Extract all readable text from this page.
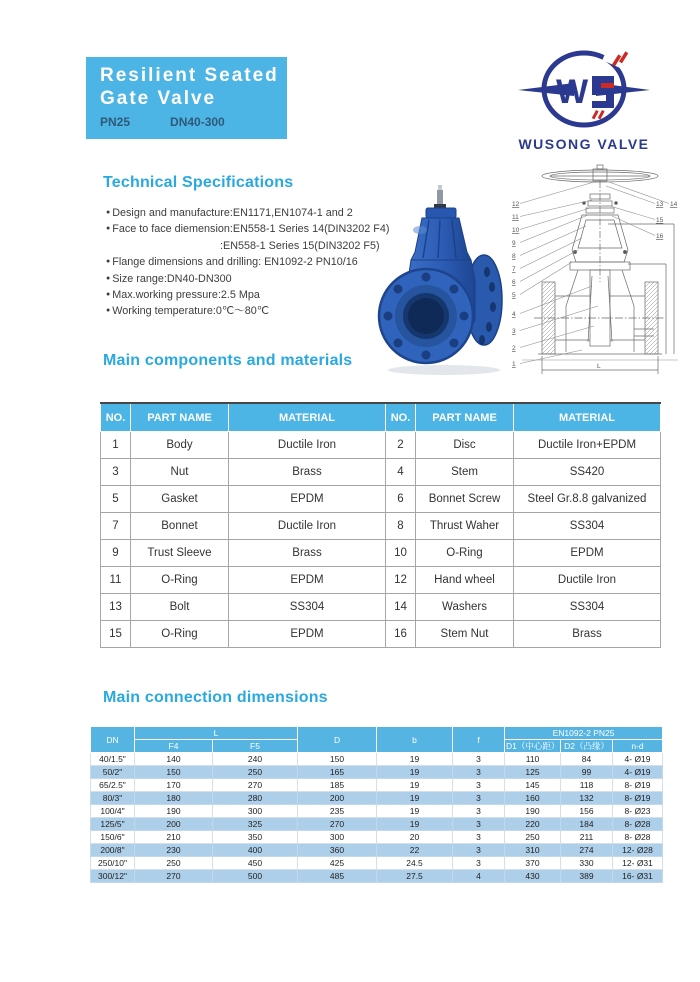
Resilient Seated
Gate Valve
PN25	DN40-300
W
WUSONG VALVE
Technical Specifications
● Design and manufacture:EN1171,EN1074-1 and 2
● Face to face diemension:EN558-1 Series 14(DIN3202 F4)
:EN558-1 Series 15(DIN3202 F5)
● Flange dimensions and drilling: EN1092-2 PN10/16
● Size range:DN40-DN300
● Max.working pressure:2.5 Mpa
● Working temperature:0℃～80℃
12
11
10
9
8
7
6
5
4
3
2
1
13 14
15
16
L
Main components and materials
NO.	PART NAME	MATERIAL	NO.	PART NAME	MATERIAL
1	Body	Ductile Iron	2	Disc	Ductile Iron+EPDM
3	Nut	Brass	4	Stem	SS420
5	Gasket	EPDM	6	Bonnet Screw	Steel Gr.8.8 galvanized
7	Bonnet	Ductile Iron	8	Thrust Waher	SS304
9	Trust Sleeve	Brass	10	O-Ring	EPDM
11	O-Ring	EPDM	12	Hand wheel	Ductile Iron
13	Bolt	SS304	14	Washers	SS304
15	O-Ring	EPDM	16	Stem Nut	Brass
Main connection dimensions
DN	L		D	b	f	EN1092-2 PN25		
	F4	F5				D1（中心距）	D2（凸缘）	n-d
40/1.5"	140	240	150	19	3	110	84	4- Ø19
50/2"	150	250	165	19	3	125	99	4- Ø19
65/2.5"	170	270	185	19	3	145	118	8- Ø19
80/3"	180	280	200	19	3	160	132	8- Ø19
100/4"	190	300	235	19	3	190	156	8- Ø23
125/5"	200	325	270	19	3	220	184	8- Ø28
150/6"	210	350	300	20	3	250	211	8- Ø28
200/8"	230	400	360	22	3	310	274	12- Ø28
250/10"	250	450	425	24.5	3	370	330	12- Ø31
300/12"	270	500	485	27.5	4	430	389	16- Ø31
